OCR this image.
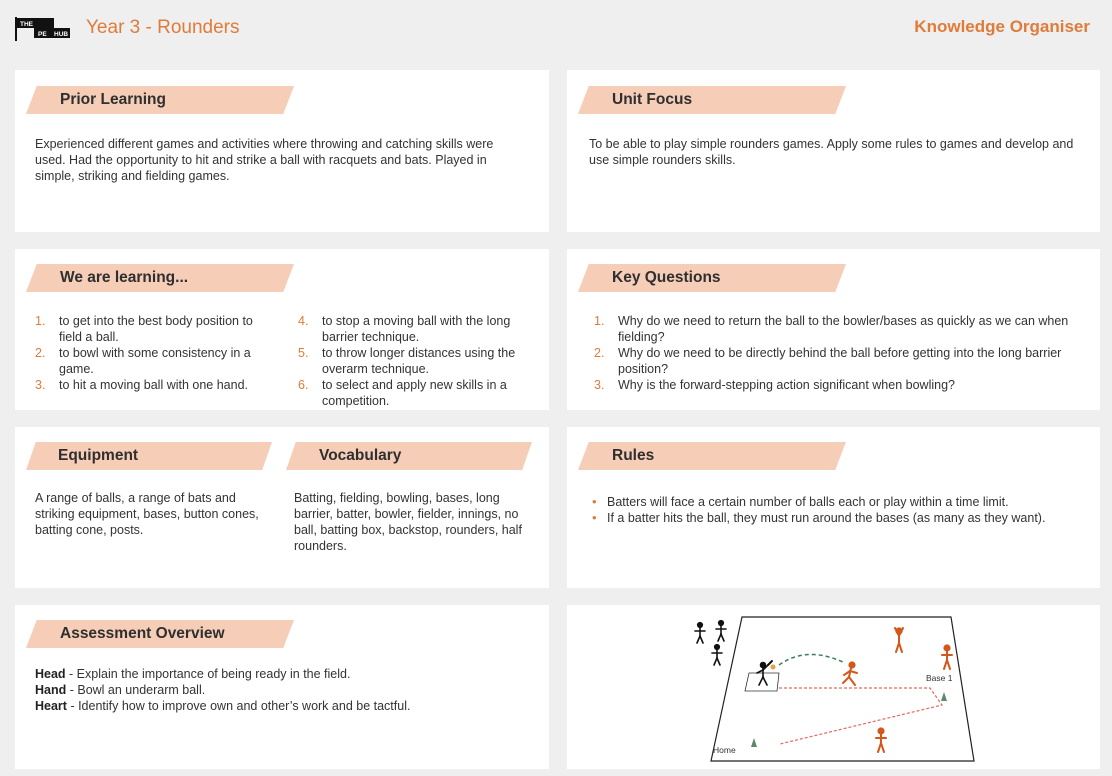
THE
PE HUB Year 3 - Rounders	Knowledge Organiser
Prior Learning
Experienced different games and activities where throwing and catching skills were used. Had the opportunity to hit and strike a ball with racquets and bats. Played in simple, striking and fielding games.
Unit Focus
To be able to play simple rounders games. Apply some rules to games and develop and use simple rounders skills.
We are learning...
1. to get into the best body position to field a ball.
2. to bowl with some consistency in a game.
3. to hit a moving ball with one hand.
4. to stop a moving ball with the long barrier technique.
5. to throw longer distances using the overarm technique.
6. to select and apply new skills in a competition.
Key Questions
1. Why do we need to return the ball to the bowler/bases as quickly as we can when fielding?
2. Why do we need to be directly behind the ball before getting into the long barrier position?
3. Why is the forward-stepping action significant when bowling?
Equipment
A range of balls, a range of bats and striking equipment, bases, button cones, batting cone, posts.
Vocabulary
Batting, fielding, bowling, bases, long barrier, batter, bowler, fielder, innings, no ball, batting box, backstop, rounders, half rounders.
Rules
• Batters will face a certain number of balls each or play within a time limit.
• If a batter hits the ball, they must run around the bases (as many as they want).
Assessment Overview
Head - Explain the importance of being ready in the field.
Hand - Bowl an underarm ball.
Heart - Identify how to improve own and other’s work and be tactful.
Base 1
Home
